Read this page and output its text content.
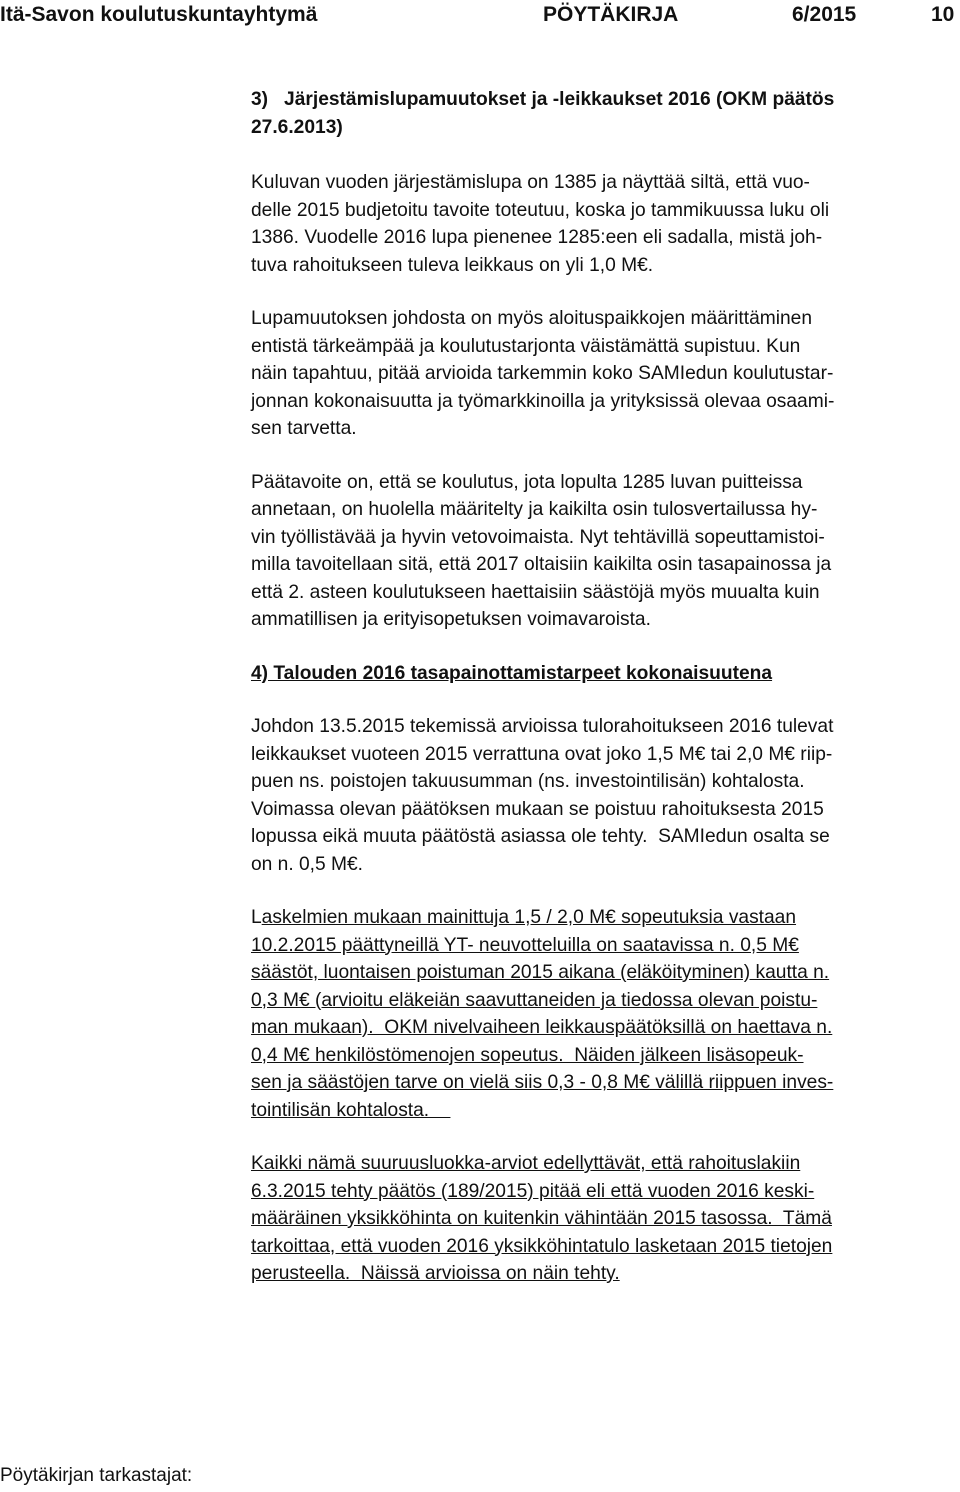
Itä-Savon koulutuskuntayhtymä	PÖYTÄKIRJA	6/2015	10

3)   Järjestämislupamuutokset ja -leikkaukset 2016 (OKM päätös
27.6.2013)

Kuluvan vuoden järjestämislupa on 1385 ja näyttää siltä, että vuo-
delle 2015 budjetoitu tavoite toteutuu, koska jo tammikuussa luku oli
1386. Vuodelle 2016 lupa pienenee 1285:een eli sadalla, mistä joh-
tuva rahoitukseen tuleva leikkaus on yli 1,0 M€.

Lupamuutoksen johdosta on myös aloituspaikkojen määrittäminen
entistä tärkeämpää ja koulutustarjonta väistämättä supistuu. Kun
näin tapahtuu, pitää arvioida tarkemmin koko SAMIedun koulutustar-
jonnan kokonaisuutta ja työmarkkinoilla ja yrityksissä olevaa osaami-
sen tarvetta.

Päätavoite on, että se koulutus, jota lopulta 1285 luvan puitteissa
annetaan, on huolella määritelty ja kaikilta osin tulosvertailussa hy-
vin työllistävää ja hyvin vetovoimaista. Nyt tehtävillä sopeuttamistoi-
milla tavoitellaan sitä, että 2017 oltaisiin kaikilta osin tasapainossa ja
että 2. asteen koulutukseen haettaisiin säästöjä myös muualta kuin
ammatillisen ja erityisopetuksen voimavaroista.

4) Talouden 2016 tasapainottamistarpeet kokonaisuutena

Johdon 13.5.2015 tekemissä arvioissa tulorahoitukseen 2016 tulevat
leikkaukset vuoteen 2015 verrattuna ovat joko 1,5 M€ tai 2,0 M€ riip-
puen ns. poistojen takuusumman (ns. investointilisän) kohtalosta.
Voimassa olevan päätöksen mukaan se poistuu rahoituksesta 2015
lopussa eikä muuta päätöstä asiassa ole tehty.  SAMIedun osalta se
on n. 0,5 M€.

Laskelmien mukaan mainittuja 1,5 / 2,0 M€ sopeutuksia vastaan
10.2.2015 päättyneillä YT- neuvotteluilla on saatavissa n. 0,5 M€
säästöt, luontaisen poistuman 2015 aikana (eläköityminen) kautta n.
0,3 M€ (arvioitu eläkeiän saavuttaneiden ja tiedossa olevan poistu-
man mukaan).  OKM nivelvaiheen leikkauspäätöksillä on haettava n.
0,4 M€ henkilöstömenojen sopeutus.  Näiden jälkeen lisäsopeuk-
sen ja säästöjen tarve on vielä siis 0,3 - 0,8 M€ välillä riippuen inves-
tointilisän kohtalosta.

Kaikki nämä suuruusluokka-arviot edellyttävät, että rahoituslakiin
6.3.2015 tehty päätös (189/2015) pitää eli että vuoden 2016 keski-
määräinen yksikköhinta on kuitenkin vähintään 2015 tasossa.  Tämä
tarkoittaa, että vuoden 2016 yksikköhintatulo lasketaan 2015 tietojen
perusteella.  Näissä arvioissa on näin tehty.

Pöytäkirjan tarkastajat:
